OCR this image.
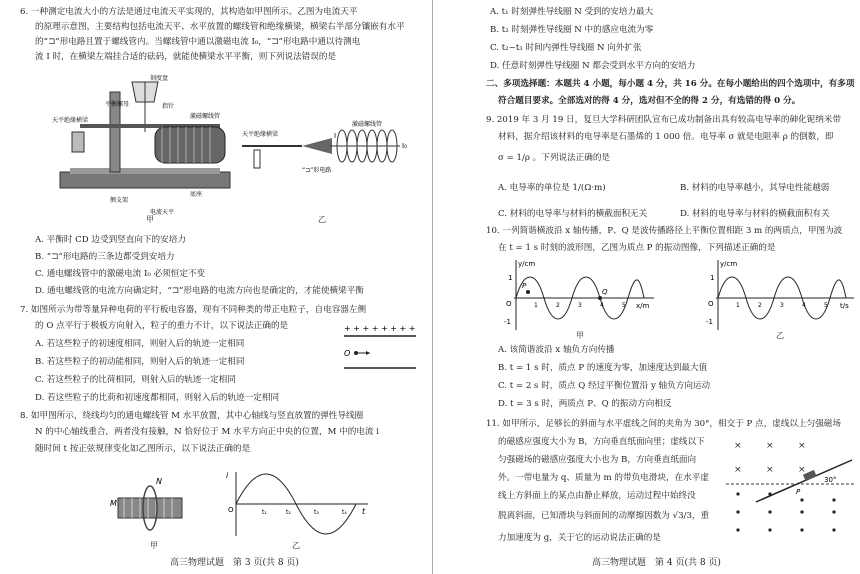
6. 一种测定电流大小的方法是通过电流天平实现的，其构造如甲图所示。乙图为电流天平
的原理示意图，主要结构包括电流天平、水平放置的螺线管和绝缘横梁，横梁右半部分镶嵌有水平
的“⊐”形电路且置于螺线管内。当螺线管中通以激磁电流 I₀，“⊐”形电路中通以待测电
流 I 时，在横梁左端挂合适的砝码，就能使横梁水平平衡，则下列说法错误的是
刻度盘
指针
平衡螺母
天平绝缘横梁
激磁螺线管
侧支架
底座
电流天平
甲
天平绝缘横梁
激磁螺线管
I
“⊐”形电路
I₀
乙
A. 平衡时 CD 边受到竖直向下的安培力
B. “⊐”形电路的三条边都受到安培力
C. 通电螺线管中的激磁电流 I₀ 必须恒定不变
D. 通电螺线管的电流方向确定时，“⊐”形电路的电流方向也是确定的，才能使横梁平衡
7. 如图所示为带等量异种电荷的平行板电容器，现有不同种类的带正电粒子，自电容器左侧
的 O 点平行于极板方向射入，粒子的重力不计，以下说法正确的是
A. 若这些粒子的初速度相同，则射入后的轨迹一定相同
B. 若这些粒子的初动能相同，则射入后的轨迹一定相同
C. 若这些粒子的比荷相同，则射入后的轨迹一定相同
D. 若这些粒子的比荷和初速度都相同，则射入后的轨迹一定相同
+ + + + + + + +
O
8. 如甲图所示，绕线均匀的通电螺线管 M 水平放置，其中心轴线与竖直放置的弹性导线圈
N 的中心轴线重合，两者没有接触，N 恰好位于 M 水平方向正中央的位置，M 中的电流 i
随时间 t 按正弦规律变化如乙图所示，以下说法正确的是
M
N
甲
i
O	t
t₁	t₂	t₃	t₄
乙
高三物理试题　第 3 页(共 8 页)
A. t₁ 时刻弹性导线圈 N 受到的安培力最大
B. t₂ 时刻弹性导线圈 N 中的感应电流为零
C. t₂~t₃ 时间内弹性导线圈 N 向外扩张
D. 任意时刻弹性导线圈 N 都会受到水平方向的安培力
二、多项选择题：本题共 4 小题，每小题 4 分，共 16 分。在每小题给出的四个选项中，有多项
符合题目要求。全部选对的得 4 分，选对但不全的得 2 分，有选错的得 0 分。
9. 2019 年 3 月 19 日，复旦大学科研团队宣布已成功制备出具有较高电导率的砷化铌纳米带
材料，据介绍该材料的电导率是石墨烯的 1 000 倍。电导率 σ 就是电阻率 ρ 的倒数，即
σ = 1/ρ 。下列说法正确的是
A. 电导率的单位是 1/(Ω·m)	B. 材料的电导率越小，其导电性能越弱
C. 材料的电导率与材料的横截面积无关	D. 材料的电导率与材料的横截面积有关
10. 一列简谐横波沿 x 轴传播，P、Q 是波传播路径上平衡位置相距 3 m 的两质点，甲图为波
在 t = 1 s 时刻的波形图，乙图为质点 P 的振动图像，下列描述正确的是
y/cm
x/m
O
1
-1
1	2	3	4	5
P
Q
甲
y/cm
t/s
O
1
-1
1	2	3	4	5
乙
A. 该简谐波沿 x 轴负方向传播
B. t = 1 s 时，质点 P 的速度为零，加速度达到最大值
C. t = 2 s 时，质点 Q 经过平衡位置沿 y 轴负方向运动
D. t = 3 s 时，两质点 P、Q 的振动方向相反
11. 如甲所示，足够长的斜面与水平虚线之间的夹角为 30°，相交于 P 点，虚线以上匀强磁场
的磁感应强度大小为 B，方向垂直纸面向里；虚线以下
匀强磁场的磁感应强度大小也为 B，方向垂直纸面向
外。一带电量为 q、质量为 m 的带负电滑块，在水平虚
线上方斜面上的某点由静止释放，运动过程中始终没
脱离斜面，已知滑块与斜面间的动摩擦因数为 √3/3，重
力加速度为 g，关于它的运动说法正确的是
×	×	×
×	×	×
30°
P
高三物理试题　第 4 页(共 8 页)
